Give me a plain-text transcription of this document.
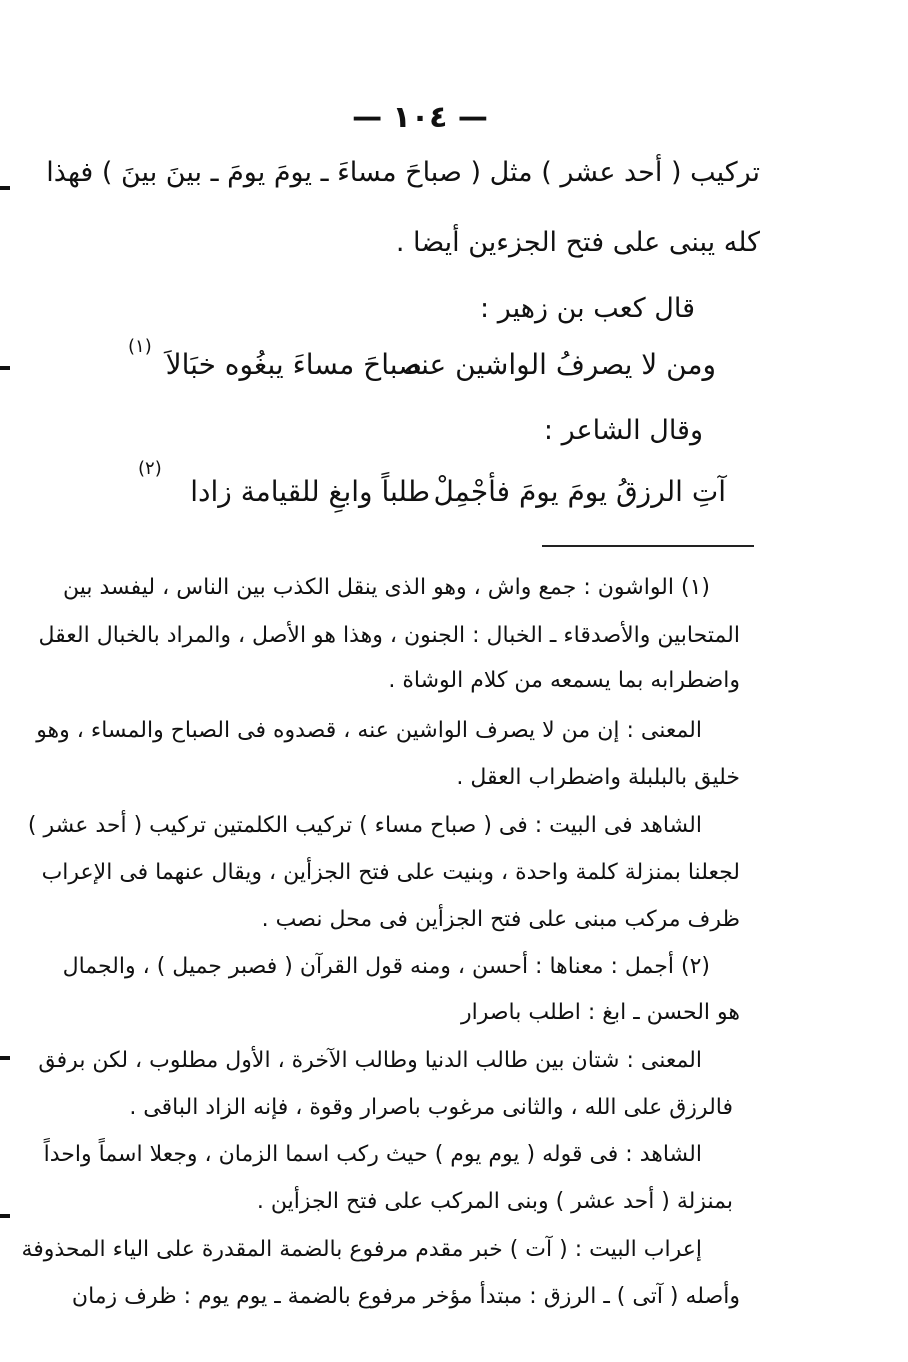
— ١٠٤ —
تركيب ( أحد عشر ) مثل ( صباحَ مساءَ ـ يومَ يومَ ـ بينَ بينَ ) فهذا
كله يبنى على فتح الجزءين أيضا .
قال كعب بن زهير :
ومن لا يصرفُ الواشين عنه
صباحَ مساءَ يبغُوه خبَالاَ
(١)
وقال الشاعر :
آتِ الرزقُ يومَ يومَ فأجْمِلْ
طلباً وابغِ للقيامة زادا
(٢)
(١) الواشون : جمع واش ، وهو الذى ينقل الكذب بين الناس ، ليفسد بين
المتحابين والأصدقاء ـ الخبال : الجنون ، وهذا هو الأصل ، والمراد بالخبال العقل
واضطرابه بما يسمعه من كلام الوشاة .
المعنى : إن من لا يصرف الواشين عنه ، قصدوه فى الصباح والمساء ، وهو
خليق بالبلبلة واضطراب العقل .
الشاهد فى البيت : فى ( صباح مساء ) تركيب الكلمتين تركيب ( أحد عشر )
لجعلنا بمنزلة كلمة واحدة ، وبنيت على فتح الجزأين ، ويقال عنهما فى الإعراب
ظرف مركب مبنى على فتح الجزأين فى محل نصب .
(٢) أجمل : معناها : أحسن ، ومنه قول القرآن ( فصبر جميل ) ، والجمال
هو الحسن ـ ابغ : اطلب باصرار
المعنى : شتان بين طالب الدنيا وطالب الآخرة ، الأول مطلوب ، لكن برفق
فالرزق على الله ، والثانى مرغوب باصرار وقوة ، فإنه الزاد الباقى .
الشاهد : فى قوله ( يوم يوم ) حيث ركب اسما الزمان ، وجعلا اسماً واحداً
بمنزلة ( أحد عشر ) وبنى المركب على فتح الجزأين .
إعراب البيت : ( آت ) خبر مقدم مرفوع بالضمة المقدرة على الياء المحذوفة
وأصله ( آتى ) ـ الرزق : مبتدأ مؤخر مرفوع بالضمة ـ يوم يوم : ظرف زمان
